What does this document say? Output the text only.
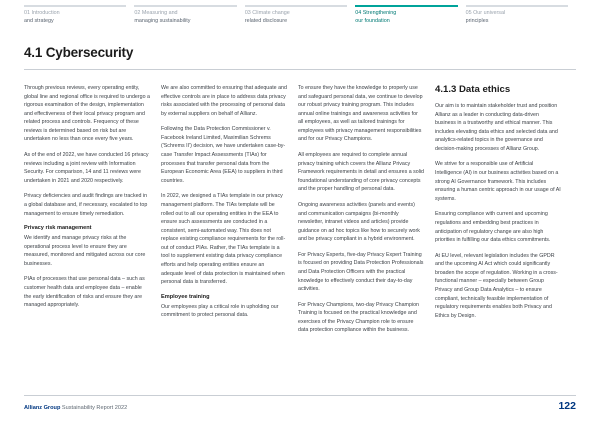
01 Introduction
and strategy
02 Measuring and
managing sustainability
03 Climate change
related disclosure
04 Strengthening
our foundation
05 Our universal
principles
4.1 Cybersecurity

Through previous reviews, every operating entity, global line and regional office is required to undergo a rigorous examination of the design, implementation and effectiveness of their local privacy program and related process and controls. Frequency of these reviews is determined based on risk but are undertaken no less than once every five years.

As of the end of 2022, we have conducted 16 privacy reviews including a joint review with Information Security. For comparison, 14 and 11 reviews were undertaken in 2021 and 2020 respectively.

Privacy deficiencies and audit findings are tracked in a global database and, if necessary, escalated to top management to ensure timely remediation.

Privacy risk management

We identify and manage privacy risks at the operational process level to ensure they are measured, monitored and mitigated across our core businesses.

PIAs of processes that use personal data – such as customer health data and employee data – enable the early identification of risks and ensure they are managed appropriately.

We are also committed to ensuring that adequate and effective controls are in place to address data privacy risks associated with the processing of personal data by external suppliers on behalf of Allianz.

Following the Data Protection Commissioner v. Facebook Ireland Limited, Maximilian Schrems ('Schrems II') decision, we have undertaken case-by-case Transfer Impact Assessments (TIAs) for processes that transfer personal data from the European Economic Area (EEA) to suppliers in third countries.

In 2022, we designed a TIAs template in our privacy management platform. The TIAs template will be rolled out to all our operating entities in the EEA to ensure such assessments are conducted in a consistent, semi-automated way. This does not replace existing compliance requirements for the roll-out of conduct PIAs. Rather, the TIAs template is a tool to supplement existing data privacy compliance efforts and help operating entities ensure an adequate level of data protection is maintained when personal data is transferred.

Employee training

Our employees play a critical role in upholding our commitment to protect personal data.

To ensure they have the knowledge to properly use and safeguard personal data, we continue to develop our robust privacy training program. This includes annual online trainings and awareness activities for all employees, as well as tailored trainings for employees with privacy management responsibilities and for our Privacy Champions.

All employees are required to complete annual privacy training which covers the Allianz Privacy Framework requirements in detail and ensures a solid foundational understanding of core privacy concepts and the proper handling of personal data.

Ongoing awareness activities (panels and events) and communication campaigns (bi-monthly newsletter, intranet videos and articles) provide guidance on ad hoc topics like how to securely work and be privacy compliant in a hybrid environment.

For Privacy Experts, five-day Privacy Expert Training is focused on providing Data Protection Professionals and Data Protection Officers with the practical knowledge to effectively conduct their day-to-day activities.

For Privacy Champions, two-day Privacy Champion Training is focused on the practical knowledge and exercises of the Privacy Champion role to ensure data protection compliance within the business.

4.1.3 Data ethics

Our aim is to maintain stakeholder trust and position Allianz as a leader in conducting data-driven business in a trustworthy and ethical manner. This includes elevating data ethics and selected data and analytics-related topics in the governance and decision-making processes of Allianz Group.

We strive for a responsible use of Artificial Intelligence (AI) in our business activities based on a strong AI Governance framework. This includes ensuring a human centric approach in our usage of AI systems.

Ensuring compliance with current and upcoming regulations and embedding best practices in anticipation of regulatory change are also high priorities in fulfilling our data ethics commitments.

At EU level, relevant legislation includes the GPDR and the upcoming AI Act which could significantly broaden the scope of regulation. Working in a cross-functional manner – especially between Group Privacy and Group Data Analytics – to ensure compliant, technically feasible implementation of regulatory requirements enables both Privacy and Ethics by Design.

Allianz Group Sustainability Report 2022	122
